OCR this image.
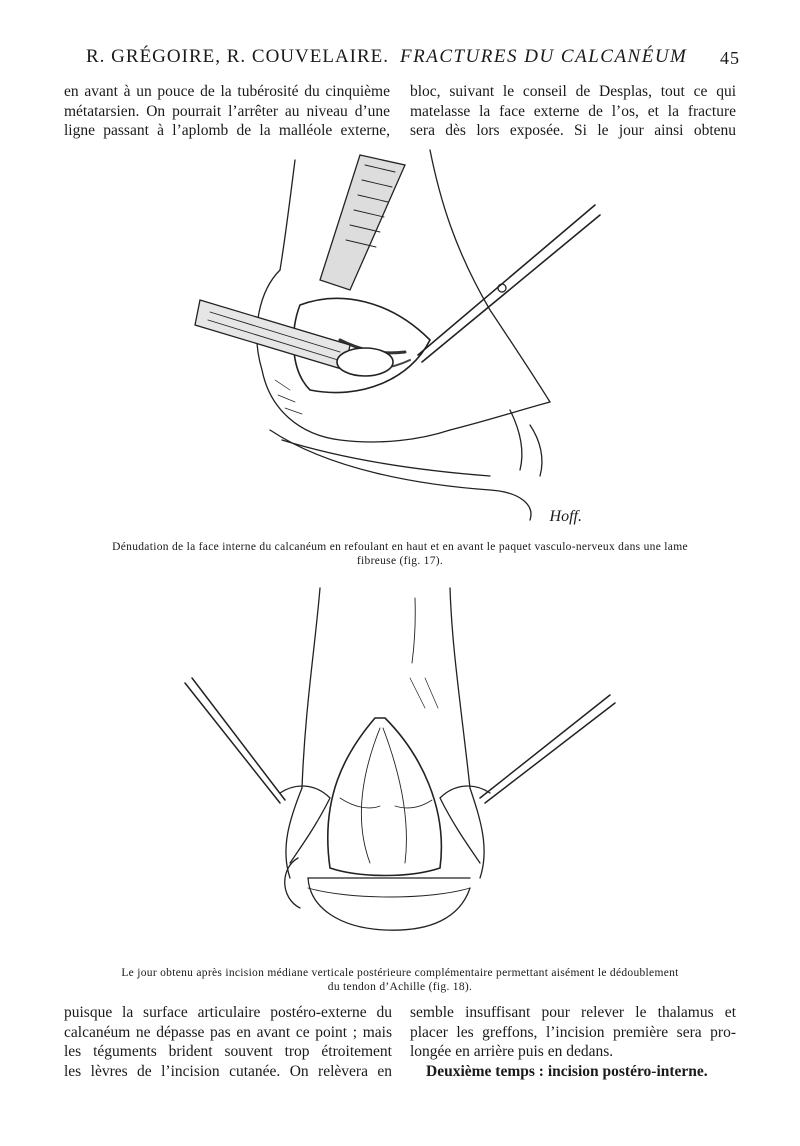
R. GRÉGOIRE, R. COUVELAIRE. FRACTURES DU CALCANÉUM 45
en avant à un pouce de la tubérosité du cinquième
métatarsien. On pourrait l’arrêter au niveau d’une
ligne passant à l’aplomb de la malléole externe,
bloc, suivant le conseil de Desplas, tout ce qui
matelasse la face externe de l’os, et la fracture
sera dès lors exposée. Si le jour ainsi obtenu
Hoff.
Dénudation de la face interne du calcanéum en refoulant en haut et en avant le paquet vasculo-nerveux dans une lame
fibreuse (fig. 17).
Le jour obtenu après incision médiane verticale postérieure complémentaire permettant aisément le dédoublement
du tendon d’Achille (fig. 18).
puisque la surface articulaire postéro-externe du
calcanéum ne dépasse pas en avant ce point ; mais
les téguments brident souvent trop étroitement
les lèvres de l’incision cutanée. On relèvera en
semble insuffisant pour relever le thalamus et
placer les greffons, l’incision première sera pro-
longée en arrière puis en dedans.
Deuxième temps : incision postéro-interne.
